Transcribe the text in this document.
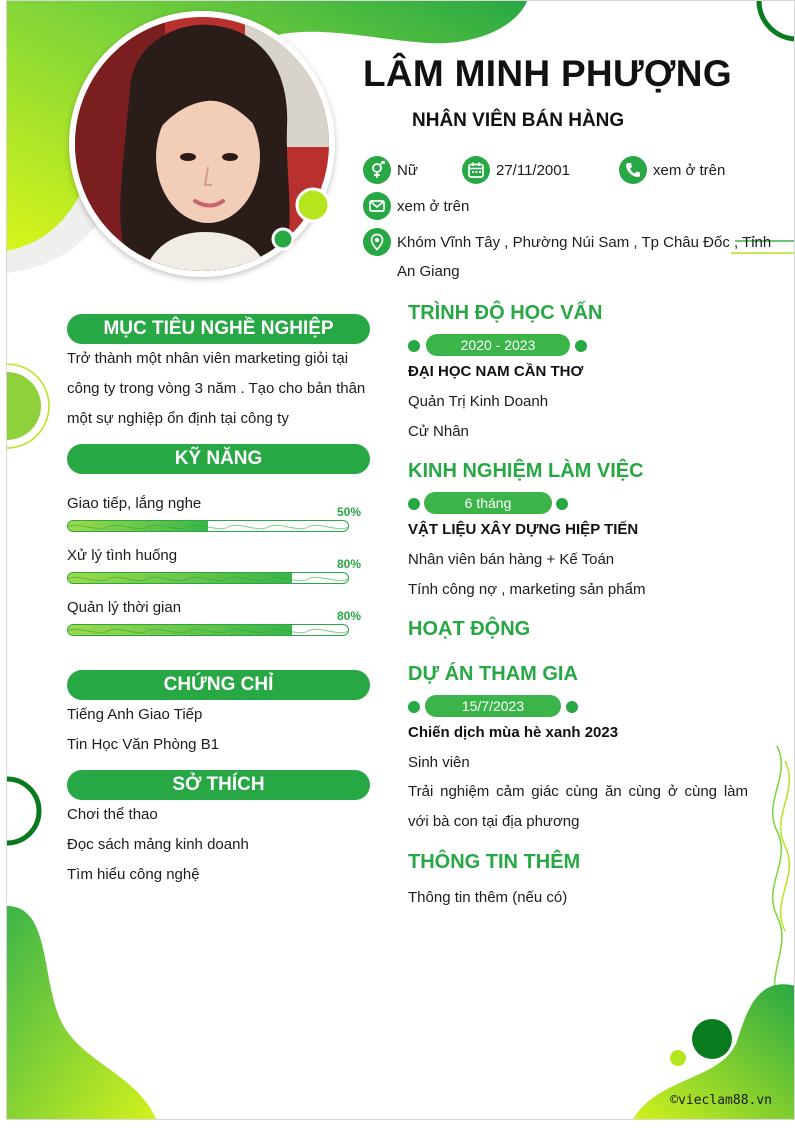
LÂM MINH PHƯỢNG
NHÂN VIÊN BÁN HÀNG
Nữ	27/11/2001	xem ở trên
xem ở trên
Khóm Vĩnh Tây , Phường Núi Sam , Tp Châu Đốc , Tỉnh
An Giang
MỤC TIÊU NGHỀ NGHIỆP
Trở thành một nhân viên marketing giỏi tại công ty trong vòng 3 năm . Tạo cho bản thân một sự nghiệp ổn định tại công ty
KỸ NĂNG
Giao tiếp, lắng nghe	50%
Xử lý tình huống	80%
Quản lý thời gian	80%
CHỨNG CHỈ
Tiếng Anh Giao Tiếp
Tin Học Văn Phòng B1
SỞ THÍCH
Chơi thể thao
Đọc sách mảng kinh doanh
Tìm hiểu công nghệ
TRÌNH ĐỘ HỌC VẤN
2020 - 2023
ĐẠI HỌC NAM CẦN THƠ
Quản Trị Kinh Doanh
Cử Nhân
KINH NGHIỆM LÀM VIỆC
6 tháng
VẬT LIỆU XÂY DỰNG HIỆP TIẾN
Nhân viên bán hàng + Kế Toán
Tính công nợ , marketing sản phẩm
HOẠT ĐỘNG
DỰ ÁN THAM GIA
15/7/2023
Chiến dịch mùa hè xanh 2023
Sinh viên
Trải nghiệm cảm giác cùng ăn cùng ở cùng làm với bà con tại địa phương
THÔNG TIN THÊM
Thông tin thêm (nếu có)
©vieclam88.vn
